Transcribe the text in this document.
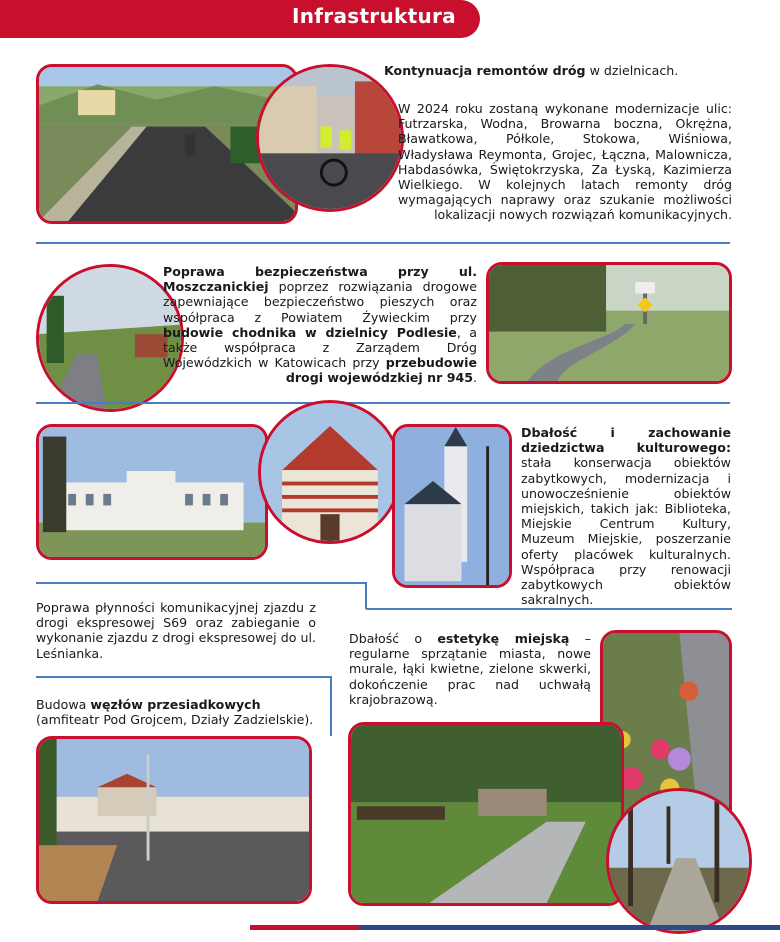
Infrastruktura
Kontynuacja remontów dróg w dzielnicach.
W 2024 roku zostaną wykonane modernizacje ulic: Futrzarska, Wodna, Browarna boczna, Okrężna, Bławatkowa, Półkole, Stokowa, Wiśniowa, Władysława Reymonta, Grojec, Łączna, Malownicza, Habdasówka, Świętokrzyska, Za Łyską, Kazimierza Wielkiego. W kolejnych latach remonty dróg wymagających naprawy oraz szukanie możliwości lokalizacji nowych rozwiązań komunikacyjnych.
Poprawa bezpieczeństwa przy ul. Moszczanickiej poprzez rozwiązania drogowe zapewniające bezpieczeństwo pieszych oraz współpraca z Powiatem Żywieckim przy budowie chodnika w dzielnicy Podlesie, a także współpraca z Zarządem Dróg Wojewódzkich w Katowicach przy przebudowie drogi wojewódzkiej nr 945.
Dbałość i zachowanie dziedzictwa kulturowego: stała konserwacja obiektów zabytkowych, modernizacja i unowocześnienie obiektów miejskich, takich jak: Biblioteka, Miejskie Centrum Kultury, Muzeum Miejskie, poszerzanie oferty placówek kulturalnych. Współpraca przy renowacji zabytkowych obiektów sakralnych.
Poprawa płynności komunikacyjnej zjazdu z drogi ekspresowej S69 oraz zabieganie o wykonanie zjazdu z drogi ekspresowej do ul. Leśnianka.
Dbałość o estetykę miejską – regularne sprzątanie miasta, nowe murale, łąki kwietne, zielone skwerki, dokończenie prac nad uchwałą krajobrazową.
Budowa węzłów przesiadkowych (amfiteatr Pod Grojcem, Działy Zadzielskie).
